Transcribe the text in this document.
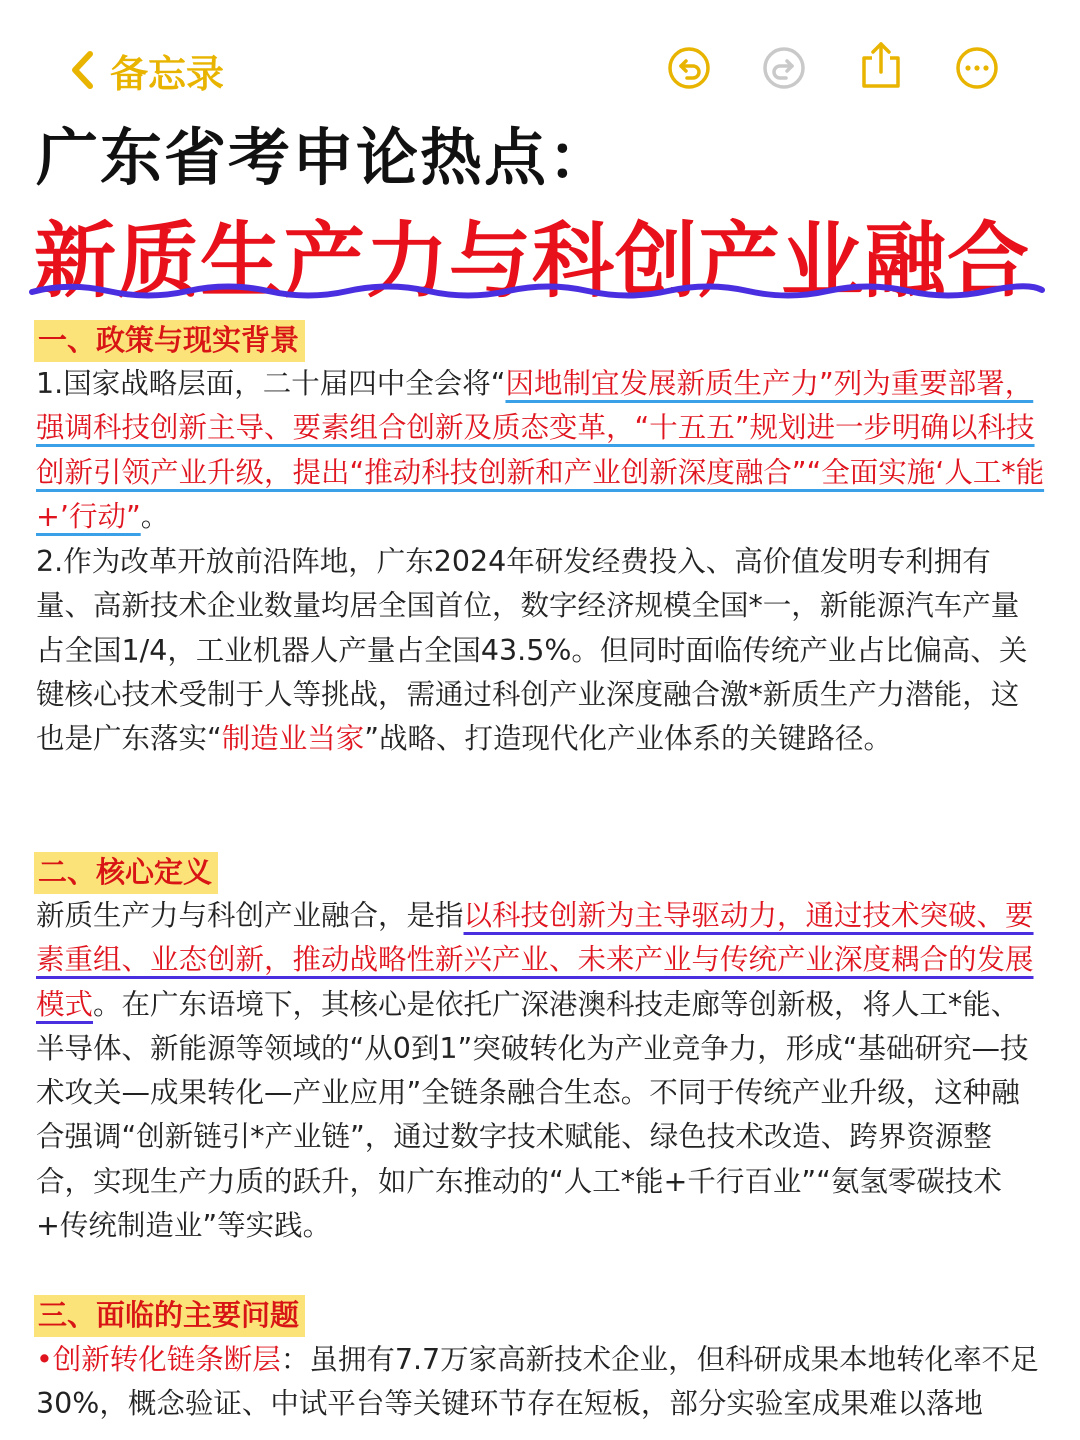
备忘录
广东省考申论热点：
新质生产力与科创产业融合
一、政策与现实背景
1.国家战略层面，二十届四中全会将“因地制宜发展新质生产力”列为重要部署，强调科技创新主导、要素组合创新及质态变革，“十五五”规划进一步明确以科技创新引领产业升级，提出“推动科技创新和产业创新深度融合”“全面实施‘人工*能+’行动”。
2.作为改革开放前沿阵地，广东2024年研发经费投入、高价值发明专利拥有量、高新技术企业数量均居全国首位，数字经济规模全国*一，新能源汽车产量占全国1/4，工业机器人产量占全国43.5%。但同时面临传统产业占比偏高、关键核心技术受制于人等挑战，需通过科创产业深度融合激*新质生产力潜能，这也是广东落实“制造业当家”战略、打造现代化产业体系的关键路径。
二、核心定义
新质生产力与科创产业融合，是指以科技创新为主导驱动力，通过技术突破、要素重组、业态创新，推动战略性新兴产业、未来产业与传统产业深度耦合的发展模式。在广东语境下，其核心是依托广深港澳科技走廊等创新极，将人工*能、半导体、新能源等领域的“从0到1”突破转化为产业竞争力，形成“基础研究—技术攻关—成果转化—产业应用”全链条融合生态。不同于传统产业升级，这种融合强调“创新链引*产业链”，通过数字技术赋能、绿色技术改造、跨界资源整合，实现生产力质的跃升，如广东推动的“人工*能+千行百业”“氨氢零碳技术+传统制造业”等实践。
三、面临的主要问题
•创新转化链条断层：虽拥有7.7万家高新技术企业，但科研成果本地转化率不足30%，概念验证、中试平台等关键环节存在短板，部分实验室成果难以落地
